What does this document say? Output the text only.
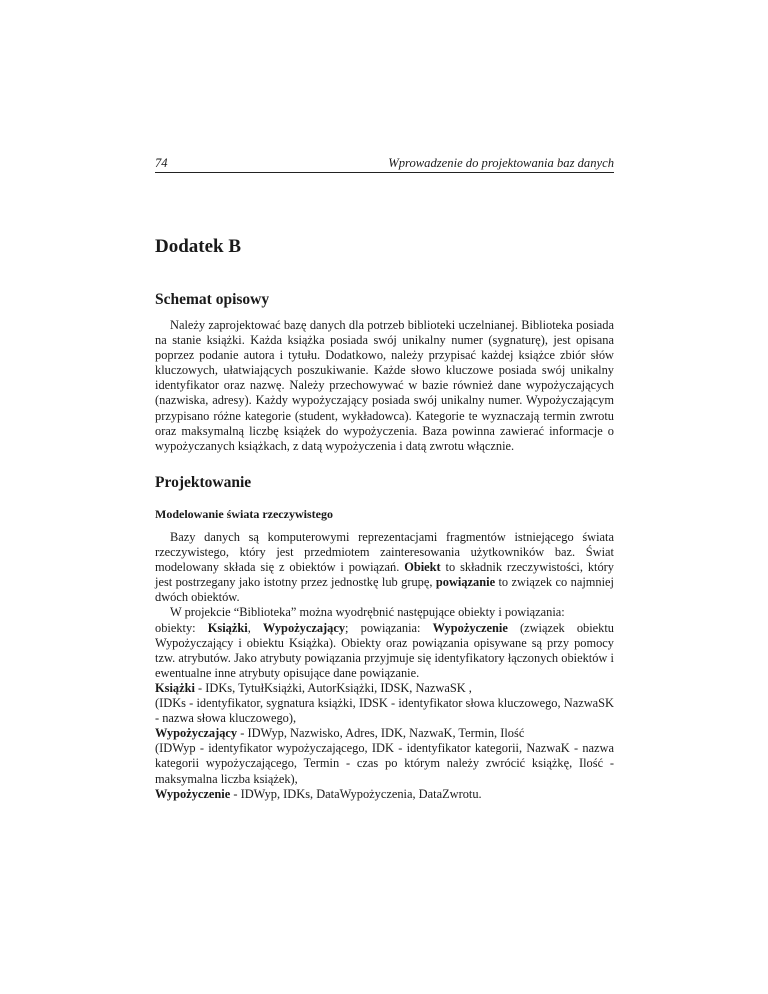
74	Wprowadzenie do projektowania baz danych
Dodatek B
Schemat opisowy

Należy zaprojektować bazę danych dla potrzeb biblioteki uczelnianej. Biblioteka posiada na stanie książki. Każda książka posiada swój unikalny numer (sygnaturę), jest opisana poprzez podanie autora i tytułu. Dodatkowo, należy przypisać każdej książce zbiór słów kluczowych, ułatwiających poszukiwanie. Każde słowo kluczowe posiada swój unikalny identyfikator oraz nazwę. Należy przechowywać w bazie również dane wypożyczających (nazwiska, adresy). Każdy wypożyczający posiada swój unikalny numer. Wypożyczającym przypisano różne kategorie (student, wykładowca). Kategorie te wyznaczają termin zwrotu oraz maksymalną liczbę książek do wypożyczenia. Baza powinna zawierać informacje o wypożyczanych książkach, z datą wypożyczenia i datą zwrotu włącznie.

Projektowanie
Modelowanie świata rzeczywistego

Bazy danych są komputerowymi reprezentacjami fragmentów istniejącego świata rzeczywistego, który jest przedmiotem zainteresowania użytkowników baz. Świat modelowany składa się z obiektów i powiązań. Obiekt to składnik rzeczywistości, który jest postrzegany jako istotny przez jednostkę lub grupę, powiązanie to związek co najmniej dwóch obiektów.

W projekcie “Biblioteka” można wyodrębnić następujące obiekty i powiązania:

obiekty: Książki, Wypożyczający; powiązania: Wypożyczenie (związek obiektu Wypożyczający i obiektu Książka). Obiekty oraz powiązania opisywane są przy pomocy tzw. atrybutów. Jako atrybuty powiązania przyjmuje się identyfikatory łączonych obiektów i ewentualne inne atrybuty opisujące dane powiązanie.

Książki - IDKs, TytułKsiążki, AutorKsiążki, IDSK, NazwaSK ,

(IDKs - identyfikator, sygnatura książki, IDSK - identyfikator słowa kluczowego, NazwaSK - nazwa słowa kluczowego),

Wypożyczający - IDWyp, Nazwisko, Adres, IDK, NazwaK, Termin, Ilość

(IDWyp - identyfikator wypożyczającego, IDK - identyfikator kategorii, NazwaK - nazwa kategorii wypożyczającego, Termin - czas po którym należy zwrócić książkę, Ilość - maksymalna liczba książek),

Wypożyczenie - IDWyp, IDKs, DataWypożyczenia, DataZwrotu.
